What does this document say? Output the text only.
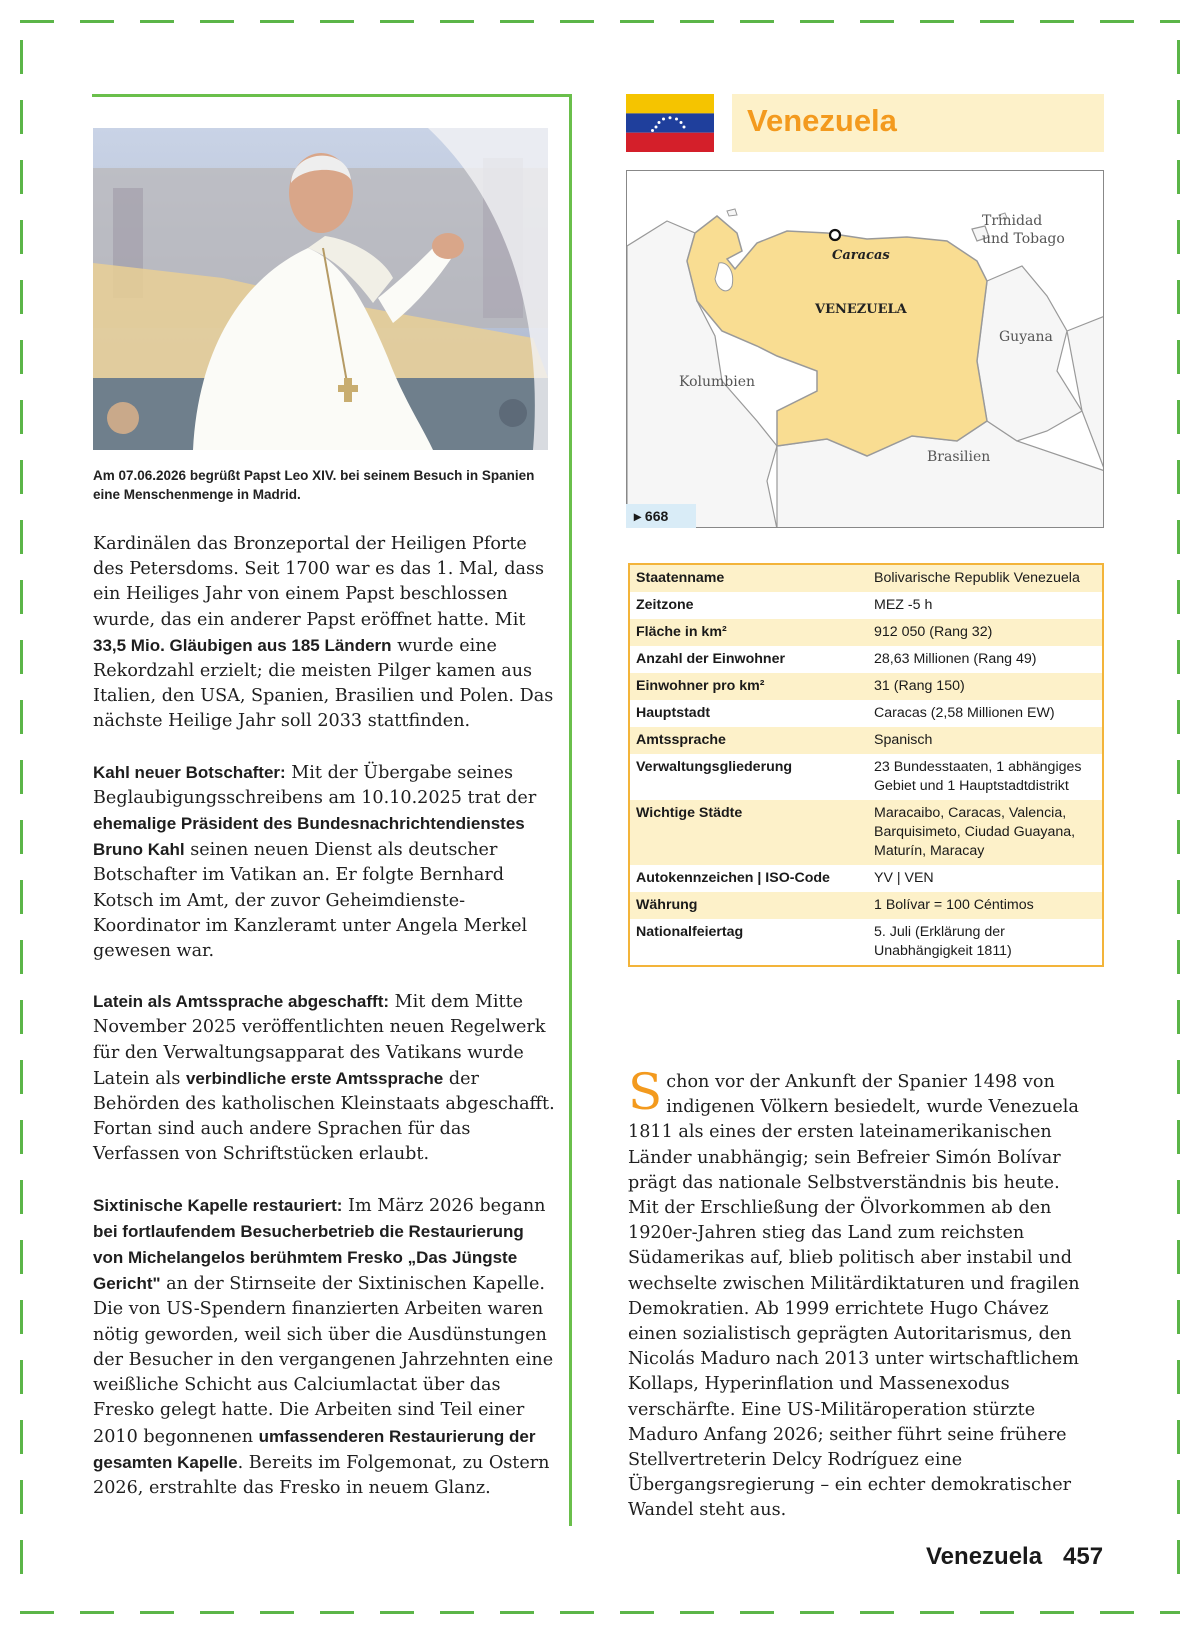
Am 07.06.2026 begrüßt Papst Leo XIV. bei seinem Besuch in Spanien eine Menschenmenge in Madrid.

Kardinälen das Bronzeportal der Heiligen Pforte des Petersdoms. Seit 1700 war es das 1. Mal, dass ein Heiliges Jahr von einem Papst beschlossen wurde, das ein anderer Papst eröffnet hatte. Mit 33,5 Mio. Gläubigen aus 185 Ländern wurde eine Rekordzahl erzielt; die meisten Pilger kamen aus Italien, den USA, Spanien, Brasilien und Polen. Das nächste Heilige Jahr soll 2033 stattfinden.

Kahl neuer Botschafter: Mit der Übergabe seines Beglaubigungsschreibens am 10.10.2025 trat der ehemalige Präsident des Bundesnachrichtendienstes Bruno Kahl seinen neuen Dienst als deutscher Botschafter im Vatikan an. Er folgte Bernhard Kotsch im Amt, der zuvor Geheimdienste-Koordinator im Kanzleramt unter Angela Merkel gewesen war.

Latein als Amtssprache abgeschafft: Mit dem Mitte November 2025 veröffentlichten neuen Regelwerk für den Verwaltungsapparat des Vatikans wurde Latein als verbindliche erste Amtssprache der Behörden des katholischen Kleinstaats abgeschafft. Fortan sind auch andere Sprachen für das Verfassen von Schriftstücken erlaubt.

Sixtinische Kapelle restauriert: Im März 2026 begann bei fortlaufendem Besucherbetrieb die Restaurierung von Michelangelos berühmtem Fresko „Das Jüngste Gericht" an der Stirnseite der Sixtinischen Kapelle. Die von US-Spendern finanzierten Arbeiten waren nötig geworden, weil sich über die Ausdünstungen der Besucher in den vergangenen Jahrzehnten eine weißliche Schicht aus Calciumlactat über das Fresko gelegt hatte. Die Arbeiten sind Teil einer 2010 begonnenen umfassenderen Restaurierung der gesamten Kapelle. Bereits im Folgemonat, zu Ostern 2026, erstrahlte das Fresko in neuem Glanz.

Venezuela
Caracas
VENEZUELA
Trinidad
und Tobago
Guyana
Kolumbien
Brasilien
▸ 668
Staatenname	Bolivarische Republik Venezuela
Zeitzone	MEZ -5 h
Fläche in km²	912 050 (Rang 32)
Anzahl der Einwohner	28,63 Millionen (Rang 49)
Einwohner pro km²	31 (Rang 150)
Hauptstadt	Caracas (2,58 Millionen EW)
Amtssprache	Spanisch
Verwaltungsgliederung	23 Bundesstaaten, 1 abhängiges Gebiet und 1 Hauptstadtdistrikt
Wichtige Städte	Maracaibo, Caracas, Valencia, Barquisimeto, Ciudad Guayana, Maturín, Maracay
Autokennzeichen | ISO-Code	YV | VEN
Währung	1 Bolívar = 100 Céntimos
Nationalfeiertag	5. Juli (Erklärung der Unabhängigkeit 1811)
Schon vor der Ankunft der Spanier 1498 von indigenen Völkern besiedelt, wurde Venezuela 1811 als eines der ersten lateinamerikanischen Länder unabhängig; sein Befreier Simón Bolívar prägt das nationale Selbstverständnis bis heute. Mit der Erschließung der Ölvorkommen ab den 1920er-Jahren stieg das Land zum reichsten Südamerikas auf, blieb politisch aber instabil und wechselte zwischen Militärdiktaturen und fragilen Demokratien. Ab 1999 errichtete Hugo Chávez einen sozialistisch geprägten Autoritarismus, den Nicolás Maduro nach 2013 unter wirtschaftlichem Kollaps, Hyperinflation und Massenexodus verschärfte. Eine US-Militäroperation stürzte Maduro Anfang 2026; seither führt seine frühere Stellvertreterin Delcy Rodríguez eine Übergangsregierung – ein echter demokratischer Wandel steht aus.
Venezuela 457
